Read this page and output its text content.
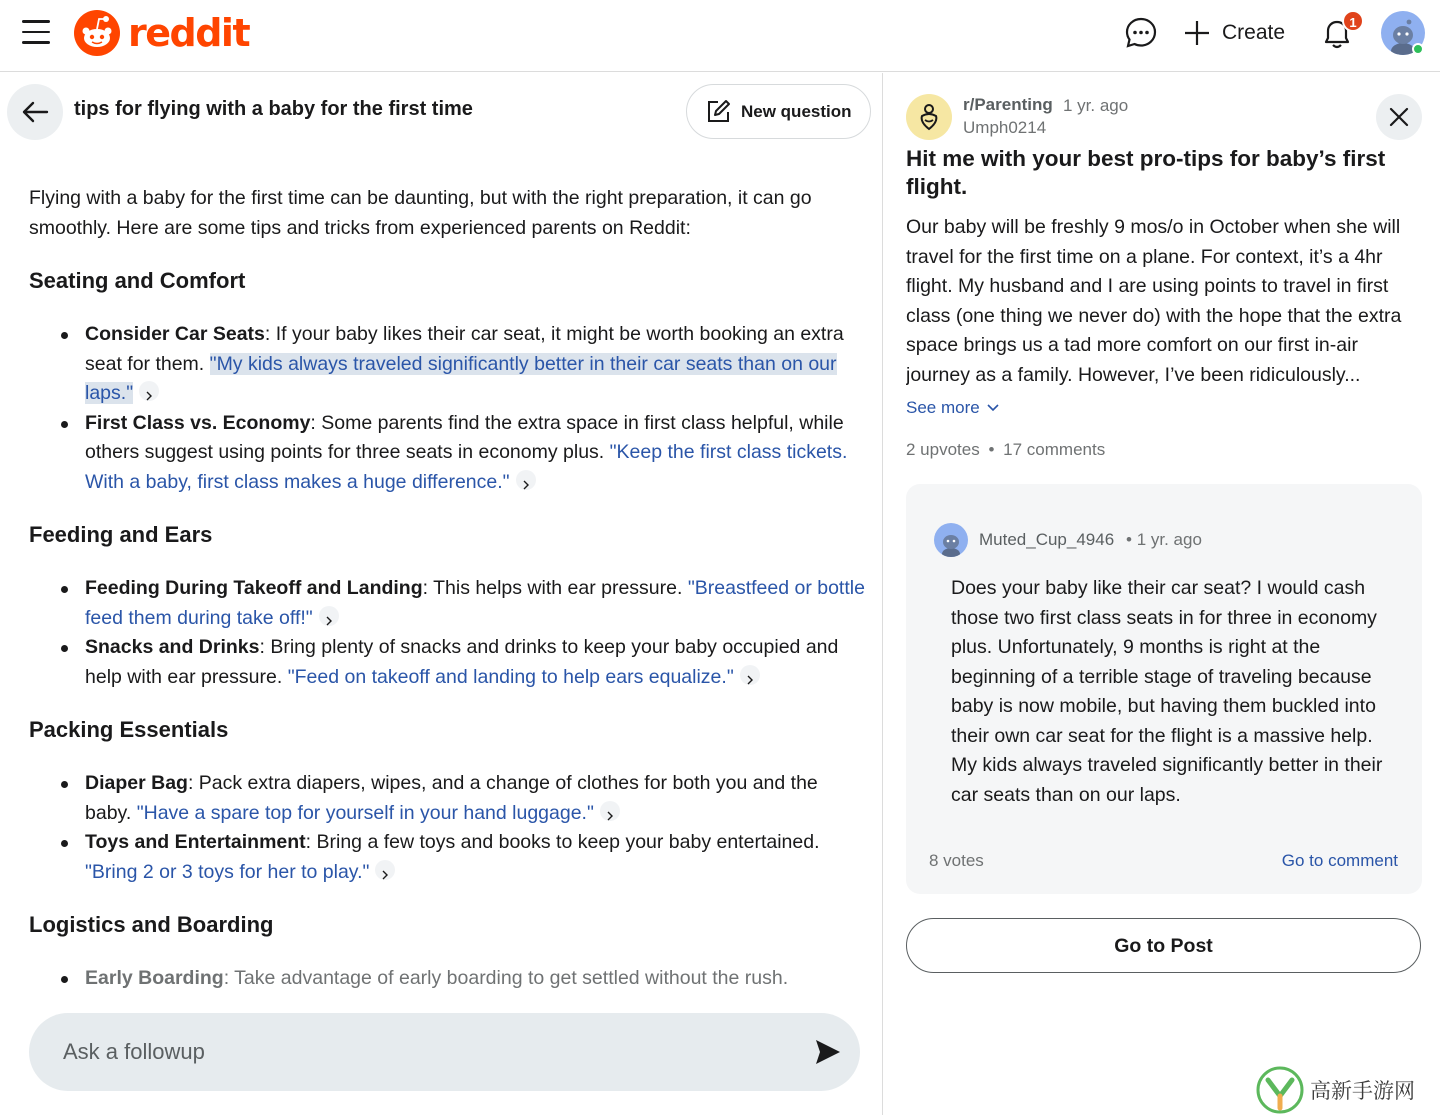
reddit	Create	1
tips for flying with a baby for the first time	New question

Flying with a baby for the first time can be daunting, but with the right preparation, it can go smoothly. Here are some tips and tricks from experienced parents on Reddit:

Seating and Comfort
Consider Car Seats: If your baby likes their car seat, it might be worth booking an extra seat for them. "My kids always traveled significantly better in their car seats than on our laps."
First Class vs. Economy: Some parents find the extra space in first class helpful, while others suggest using points for three seats in economy plus. "Keep the first class tickets. With a baby, first class makes a huge difference."
Feeding and Ears
Feeding During Takeoff and Landing: This helps with ear pressure. "Breastfeed or bottle feed them during take off!"
Snacks and Drinks: Bring plenty of snacks and drinks to keep your baby occupied and help with ear pressure. "Feed on takeoff and landing to help ears equalize."
Packing Essentials
Diaper Bag: Pack extra diapers, wipes, and a change of clothes for both you and the baby. "Have a spare top for yourself in your hand luggage."
Toys and Entertainment: Bring a few toys and books to keep your baby entertained.
"Bring 2 or 3 toys for her to play."
Logistics and Boarding
Early Boarding: Take advantage of early boarding to get settled without the rush.
Ask a followup
r/Parenting 1 yr. ago
Umph0214
Hit me with your best pro-tips for baby’s first flight.
Our baby will be freshly 9 mos/o in October when she will travel for the first time on a plane. For context, it’s a 4hr flight. My husband and I are using points to travel in first class (one thing we never do) with the hope that the extra space brings us a tad more comfort on our first in-air journey as a family. However, I’ve been ridiculously...
See more
2 upvotes • 17 comments
Muted_Cup_4946 • 1 yr. ago
Does your baby like their car seat? I would cash those two first class seats in for three in economy plus. Unfortunately, 9 months is right at the beginning of a terrible stage of traveling because baby is now mobile, but having them buckled into their own car seat for the flight is a massive help. My kids always traveled significantly better in their car seats than on our laps.
8 votes	Go to comment
Go to Post
高新手游网
